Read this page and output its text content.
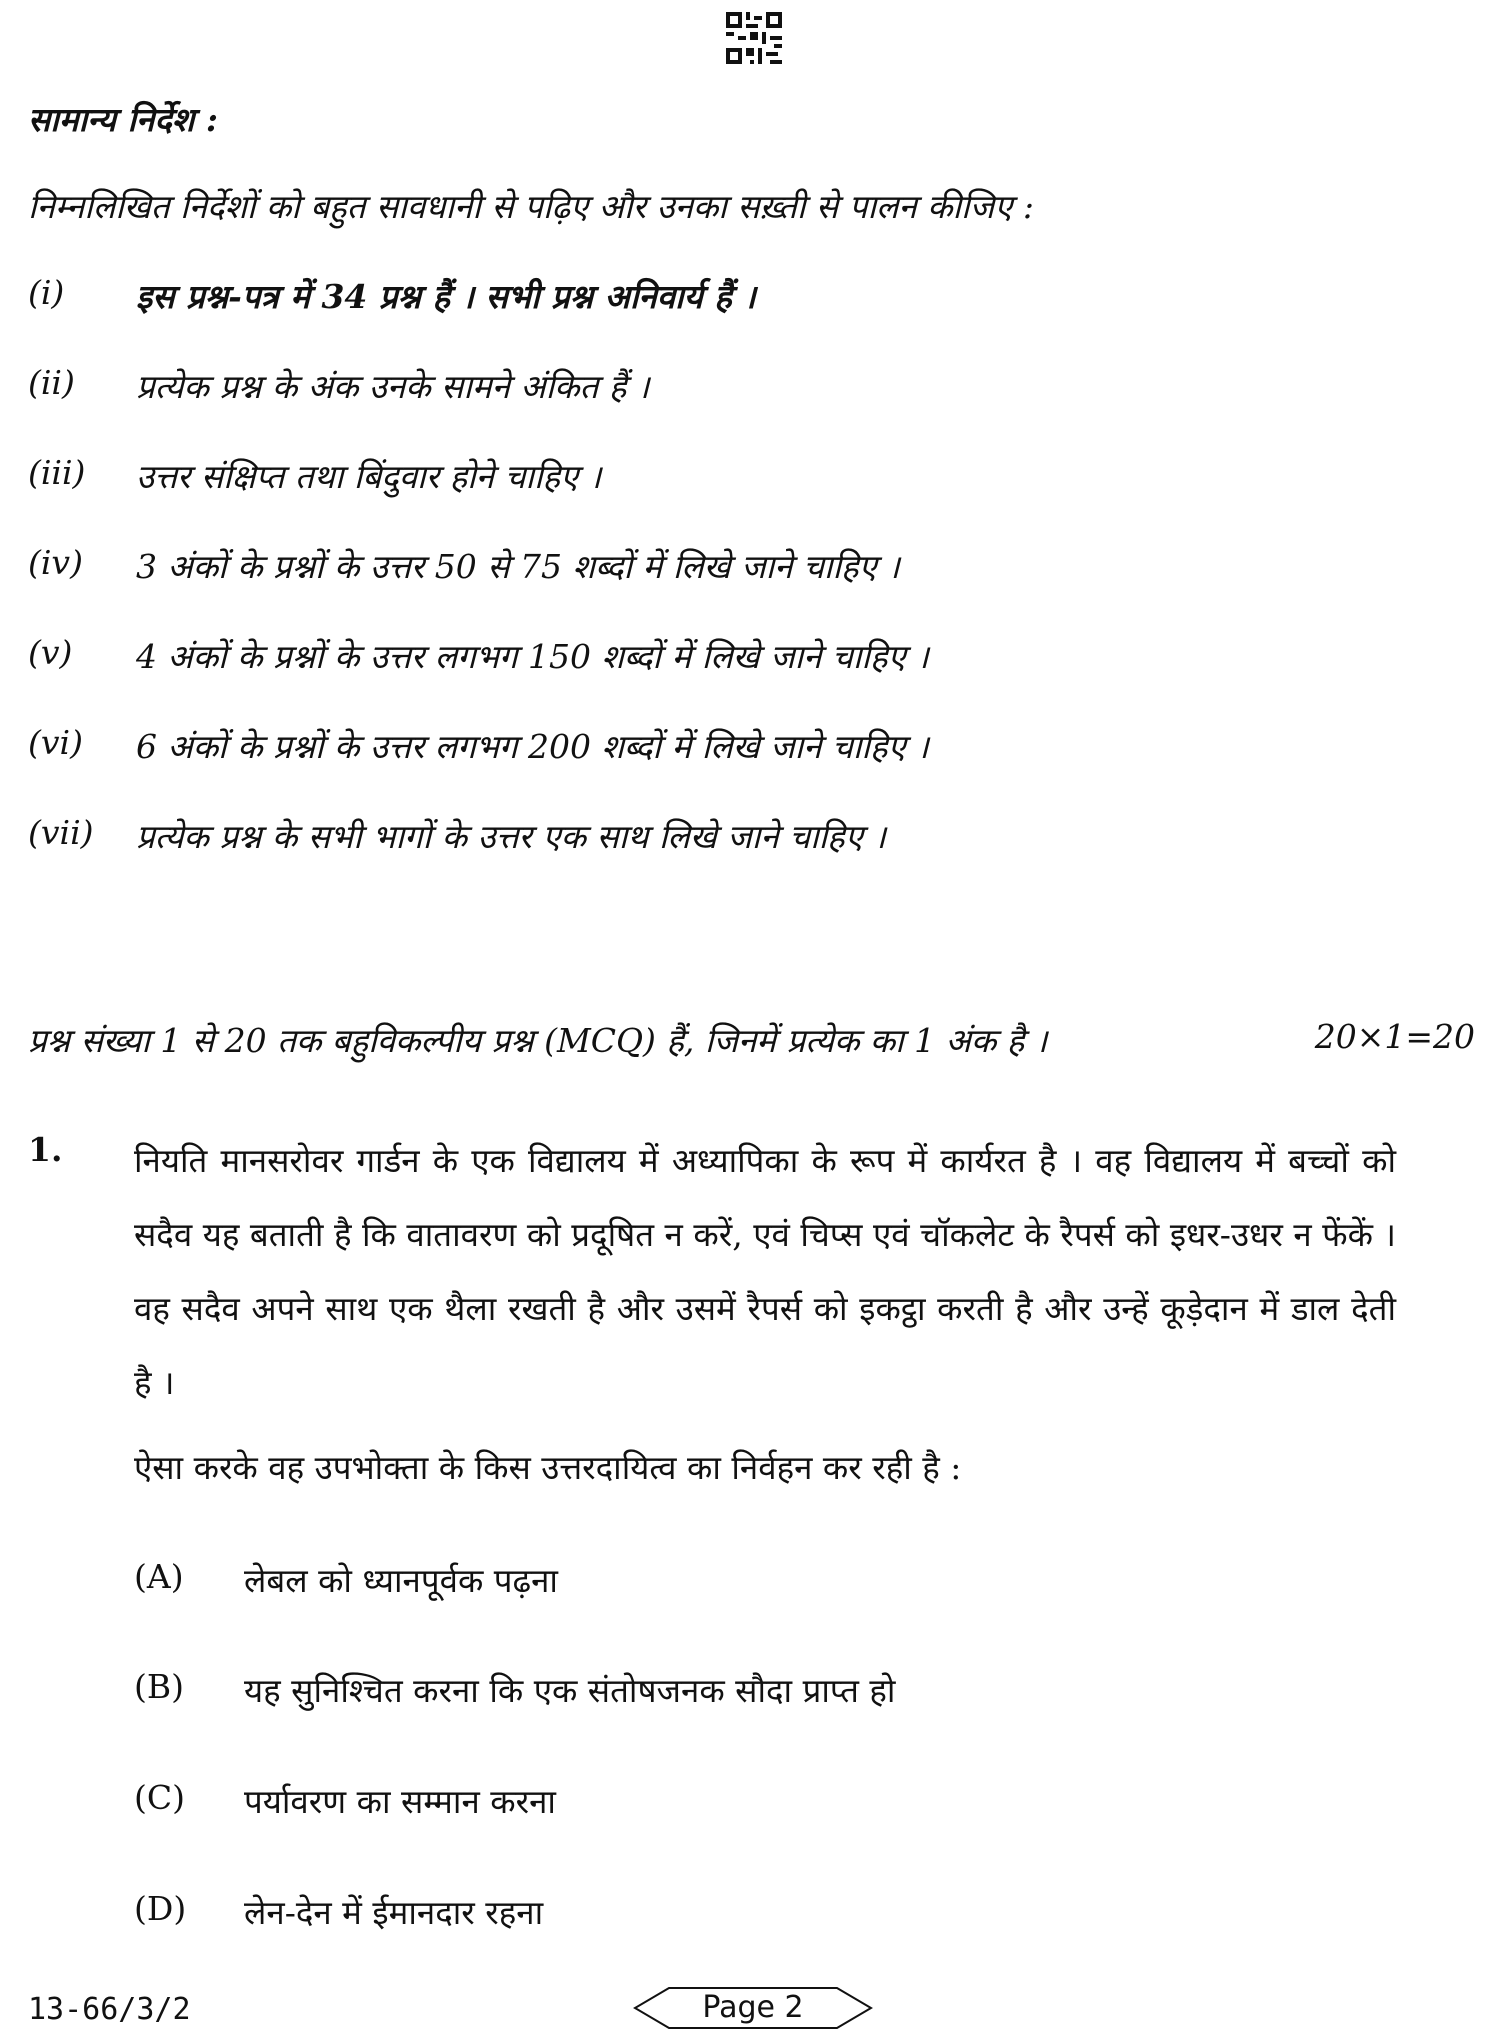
सामान्य निर्देश :
निम्नलिखित निर्देशों को बहुत सावधानी से पढ़िए और उनका सख़्ती से पालन कीजिए :
(i)	इस प्रश्न-पत्र में 34 प्रश्न हैं । सभी प्रश्न अनिवार्य हैं ।
(ii)	प्रत्येक प्रश्न के अंक उनके सामने अंकित हैं ।
(iii)	उत्तर संक्षिप्त तथा बिंदुवार होने चाहिए ।
(iv)	3 अंकों के प्रश्नों के उत्तर 50 से 75 शब्दों में लिखे जाने चाहिए ।
(v)	4 अंकों के प्रश्नों के उत्तर लगभग 150 शब्दों में लिखे जाने चाहिए ।
(vi)	6 अंकों के प्रश्नों के उत्तर लगभग 200 शब्दों में लिखे जाने चाहिए ।
(vii)	प्रत्येक प्रश्न के सभी भागों के उत्तर एक साथ लिखे जाने चाहिए ।
प्रश्न संख्या 1 से 20 तक बहुविकल्पीय प्रश्न (MCQ) हैं, जिनमें प्रत्येक का 1 अंक है ।	20×1=20
1. नियति मानसरोवर गार्डन के एक विद्यालय में अध्यापिका के रूप में कार्यरत है । वह विद्यालय में बच्चों को सदैव यह बताती है कि वातावरण को प्रदूषित न करें, एवं चिप्स एवं चॉकलेट के रैपर्स को इधर-उधर न फेंकें । वह सदैव अपने साथ एक थैला रखती है और उसमें रैपर्स को इकट्ठा करती है और उन्हें कूड़ेदान में डाल देती है ।
ऐसा करके वह उपभोक्ता के किस उत्तरदायित्व का निर्वहन कर रही है :
(A) लेबल को ध्यानपूर्वक पढ़ना
(B) यह सुनिश्चित करना कि एक संतोषजनक सौदा प्राप्त हो
(C) पर्यावरण का सम्मान करना
(D) लेन-देन में ईमानदार रहना
13-66/3/2	Page 2
